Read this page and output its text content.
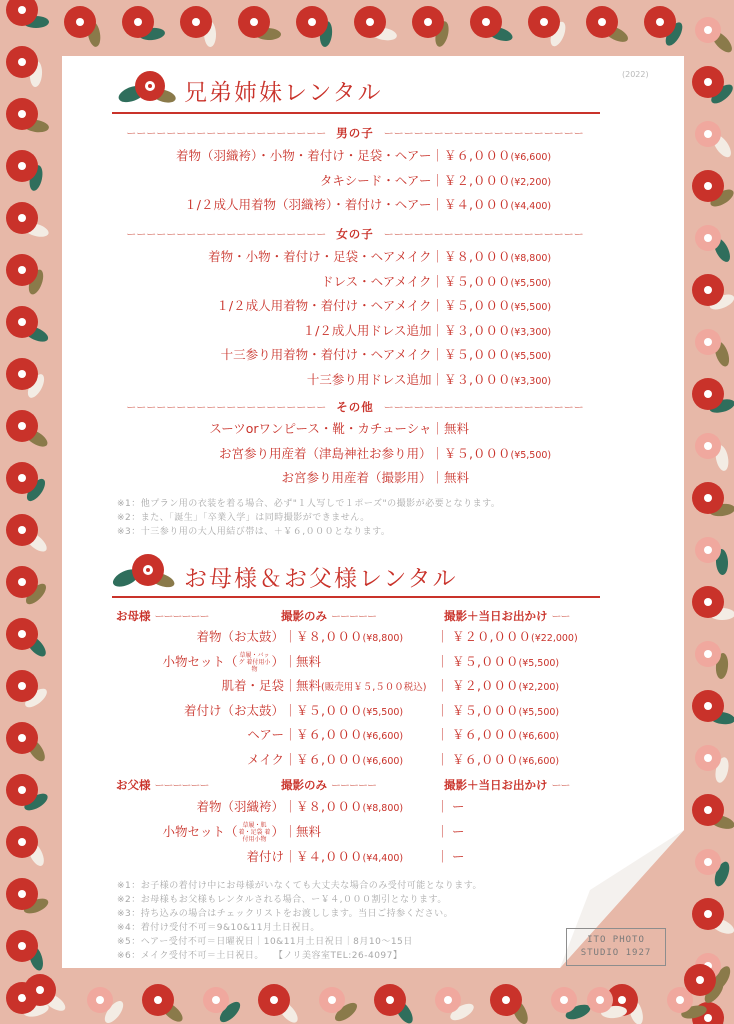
(2022)
兄弟姉妹レンタル
ーーーーーーーーーーーーーーーーーーーー　男の子　ーーーーーーーーーーーーーーーーーーーー
着物（羽織袴）・小物・着付け・足袋・ヘアー｜ ￥６,０００(¥6,600)
タキシード・ヘアー｜ ￥２,０００(¥2,200)
１/２成人用着物（羽織袴）・着付け・ヘアー｜ ￥４,０００(¥4,400)
ーーーーーーーーーーーーーーーーーーーー　女の子　ーーーーーーーーーーーーーーーーーーーー
着物・小物・着付け・足袋・ヘアメイク｜ ￥８,０００(¥8,800)
ドレス・ヘアメイク｜ ￥５,０００(¥5,500)
１/２成人用着物・着付け・ヘアメイク｜ ￥５,０００(¥5,500)
１/２成人用ドレス追加｜ ￥３,０００(¥3,300)
十三参り用着物・着付け・ヘアメイク｜ ￥５,０００(¥5,500)
十三参り用ドレス追加｜ ￥３,０００(¥3,300)
ーーーーーーーーーーーーーーーーーーーー　その他　ーーーーーーーーーーーーーーーーーーーー
スーツorワンピース・靴・カチューシャ｜ 無料
お宮参り用産着（津島神社お参り用）｜ ￥５,０００(¥5,500)
お宮参り用産着（撮影用）｜ 無料
※1：他プラン用の衣装を着る場合、必ず"１人写しで１ポーズ"の撮影が必要となります。
※2：また、「誕生」「卒業入学」は同時撮影ができません。
※3：十三参り用の大人用結び帯は、＋￥６,０００となります。
お母様＆お父様レンタル
お母様 ーーーーーー	撮影のみ ーーーーー	撮影＋当日お出かけ ーー
着物（お太鼓） ｜ ￥８,０００(¥8,800)	｜ ￥２０,０００(¥22,000)
小物セット（ 草履・バッグ 着付用小物） ｜ 無料	｜ ￥５,０００(¥5,500)
肌着・足袋 ｜ 無料(販売用￥５,５００税込) ｜ ￥２,０００(¥2,200)
着付け（お太鼓） ｜ ￥５,０００(¥5,500)	｜ ￥５,０００(¥5,500)
ヘアー ｜ ￥６,０００(¥6,600)	｜ ￥６,０００(¥6,600)
メイク ｜ ￥６,０００(¥6,600)	｜ ￥６,０００(¥6,600)
お父様 ーーーーーー	撮影のみ ーーーーー	撮影＋当日お出かけ ーー
着物（羽織袴） ｜ ￥８,０００(¥8,800)	｜ ー
小物セット（ 草履・肌着・足袋 着付用小物） ｜ 無料	｜ ー
着付け ｜ ￥４,０００(¥4,400)	｜ ー
※1：お子様の着付け中にお母様がいなくても大丈夫な場合のみ受付可能となります。
※2：お母様もお父様もレンタルされる場合、ー￥４,０００割引となります。
※3：持ち込みの場合はチェックリストをお渡しします。当日ご持参ください。
※4：着付け受付不可＝9&10&11月土日祝日。
※5：ヘアー受付不可＝日曜祝日｜10&11月土日祝日｜8月10～15日
※6：メイク受付不可＝土日祝日。　　【ノリ美容室TEL:26-4097】
ITO PHOTO
STUDIO 1927
